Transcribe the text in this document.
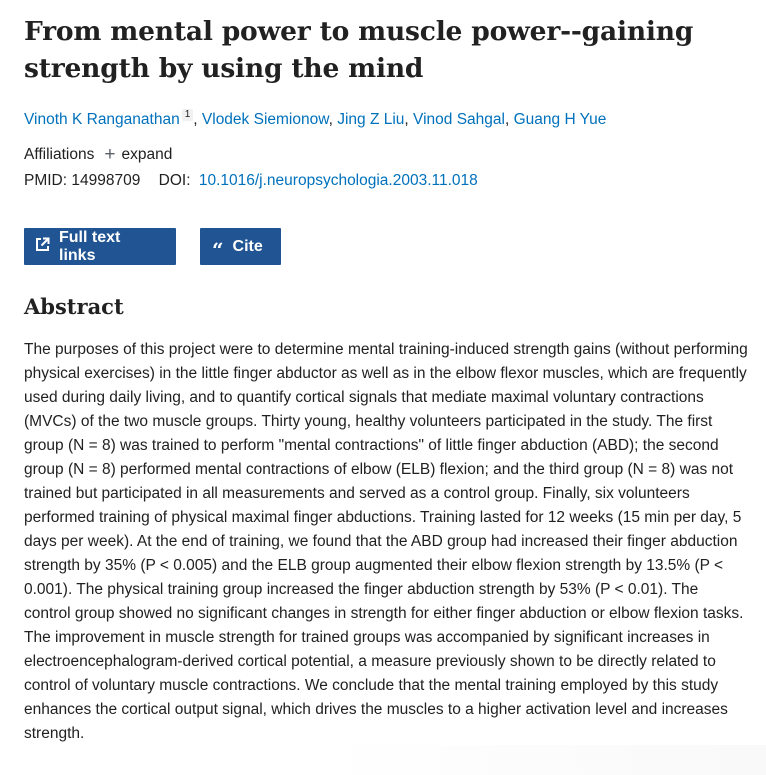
From mental power to muscle power--gaining strength by using the mind
Vinoth K Ranganathan 1 , Vlodek Siemionow, Jing Z Liu, Vinod Sahgal, Guang H Yue
Affiliations + expand
PMID: 14998709 DOI: 10.1016/j.neuropsychologia.2003.11.018
Full text links	“ Cite
Abstract
The purposes of this project were to determine mental training-induced strength gains (without performing physical exercises) in the little finger abductor as well as in the elbow flexor muscles, which are frequently used during daily living, and to quantify cortical signals that mediate maximal voluntary contractions (MVCs) of the two muscle groups. Thirty young, healthy volunteers participated in the study. The first group (N = 8) was trained to perform "mental contractions" of little finger abduction (ABD); the second group (N = 8) performed mental contractions of elbow (ELB) flexion; and the third group (N = 8) was not trained but participated in all measurements and served as a control group. Finally, six volunteers performed training of physical maximal finger abductions. Training lasted for 12 weeks (15 min per day, 5 days per week). At the end of training, we found that the ABD group had increased their finger abduction strength by 35% (P < 0.005) and the ELB group augmented their elbow flexion strength by 13.5% (P < 0.001). The physical training group increased the finger abduction strength by 53% (P < 0.01). The control group showed no significant changes in strength for either finger abduction or elbow flexion tasks. The improvement in muscle strength for trained groups was accompanied by significant increases in electroencephalogram-derived cortical potential, a measure previously shown to be directly related to control of voluntary muscle contractions. We conclude that the mental training employed by this study enhances the cortical output signal, which drives the muscles to a higher activation level and increases strength.
